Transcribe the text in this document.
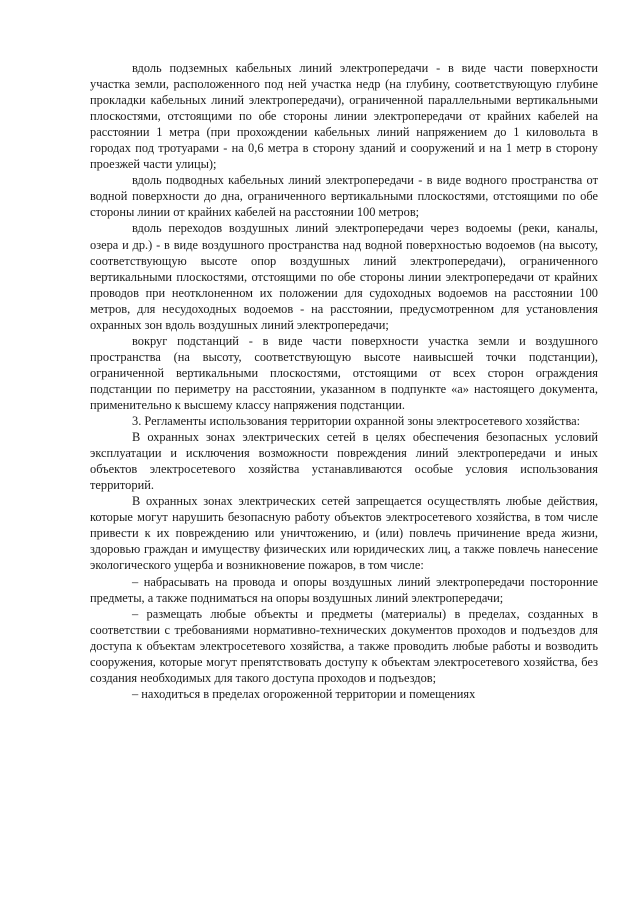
вдоль подземных кабельных линий электропередачи - в виде части поверхности участка земли, расположенного под ней участка недр (на глубину, соответствующую глубине прокладки кабельных линий электропередачи), ограниченной параллельными вертикальными плоскостями, отстоящими по обе стороны линии электропередачи от крайних кабелей на расстоянии 1 метра (при прохождении кабельных линий напряжением до 1 киловольта в городах под тротуарами - на 0,6 метра в сторону зданий и сооружений и на 1 метр в сторону проезжей части улицы);

вдоль подводных кабельных линий электропередачи - в виде водного пространства от водной поверхности до дна, ограниченного вертикальными плоскостями, отстоящими по обе стороны линии от крайних кабелей на расстоянии 100 метров;

вдоль переходов воздушных линий электропередачи через водоемы (реки, каналы, озера и др.) - в виде воздушного пространства над водной поверхностью водоемов (на высоту, соответствующую высоте опор воздушных линий электропередачи), ограниченного вертикальными плоскостями, отстоящими по обе стороны линии электропередачи от крайних проводов при неотклоненном их положении для судоходных водоемов на расстоянии 100 метров, для несудоходных водоемов - на расстоянии, предусмотренном для установления охранных зон вдоль воздушных линий электропередачи;

вокруг подстанций - в виде части поверхности участка земли и воздушного пространства (на высоту, соответствующую высоте наивысшей точки подстанции), ограниченной вертикальными плоскостями, отстоящими от всех сторон ограждения подстанции по периметру на расстоянии, указанном в подпункте «а» настоящего документа, применительно к высшему классу напряжения подстанции.

3. Регламенты использования территории охранной зоны электросетевого хозяйства:

В охранных зонах электрических сетей в целях обеспечения безопасных условий эксплуатации и исключения возможности повреждения линий электропередачи и иных объектов электросетевого хозяйства устанавливаются особые условия использования территорий.

В охранных зонах электрических сетей запрещается осуществлять любые действия, которые могут нарушить безопасную работу объектов электросетевого хозяйства, в том числе привести к их повреждению или уничтожению, и (или) повлечь причинение вреда жизни, здоровью граждан и имуществу физических или юридических лиц, а также повлечь нанесение экологического ущерба и возникновение пожаров, в том числе:

– набрасывать на провода и опоры воздушных линий электропередачи посторонние предметы, а также подниматься на опоры воздушных линий электропередачи;

– размещать любые объекты и предметы (материалы) в пределах, созданных в соответствии с требованиями нормативно-технических документов проходов и подъездов для доступа к объектам электросетевого хозяйства, а также проводить любые работы и возводить сооружения, которые могут препятствовать доступу к объектам электросетевого хозяйства, без создания необходимых для такого доступа проходов и подъездов;

– находиться в пределах огороженной территории и помещениях
